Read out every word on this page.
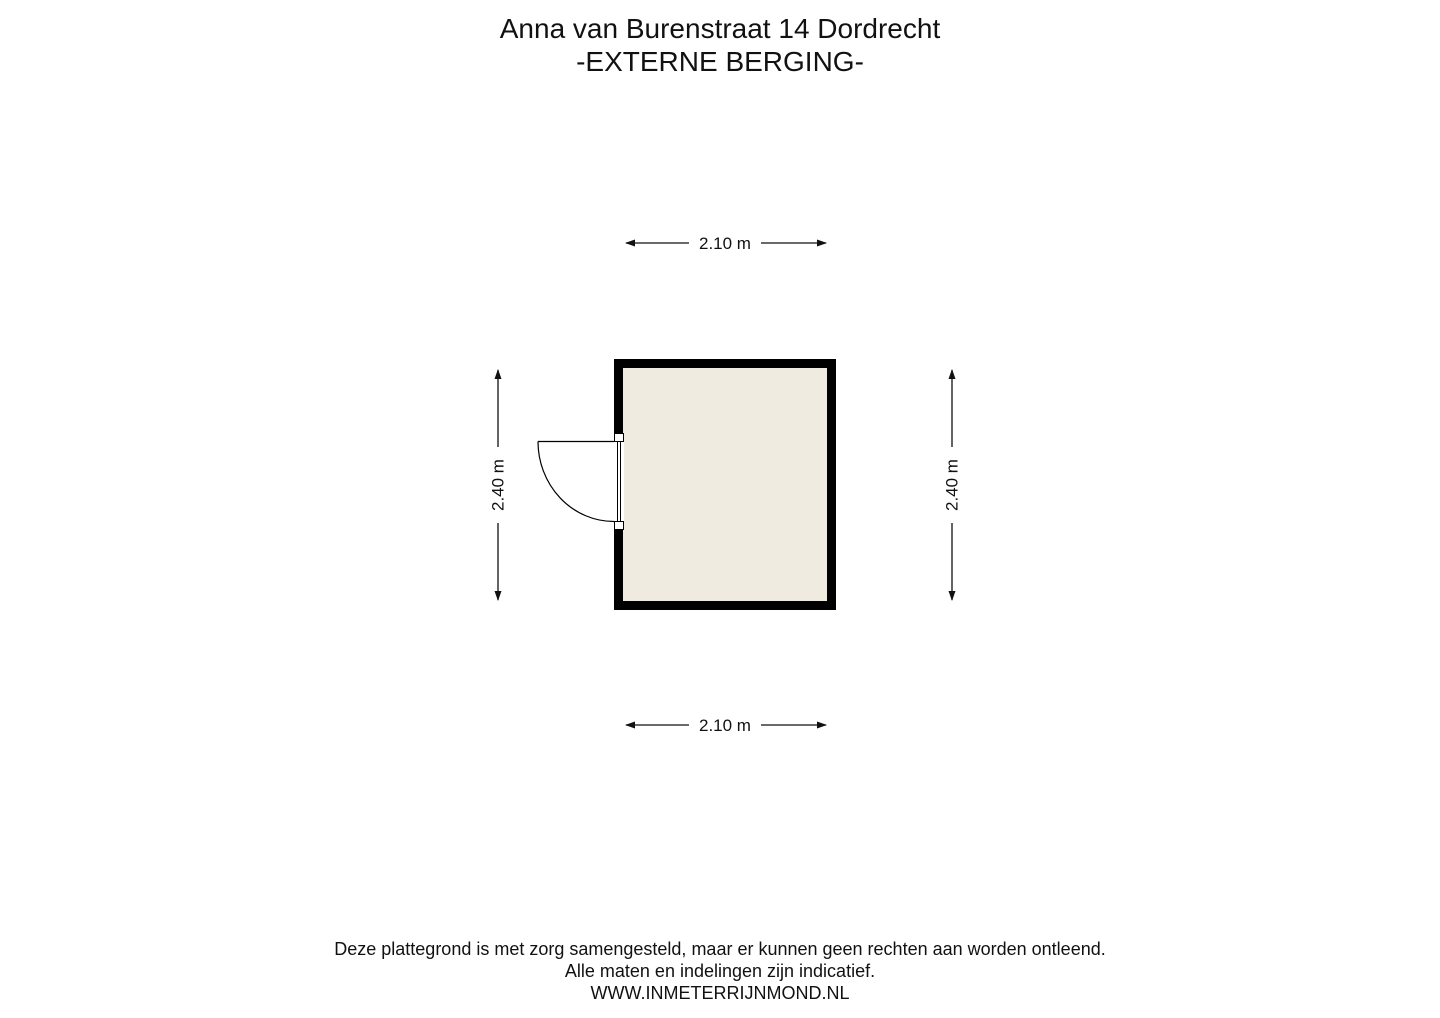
Anna van Burenstraat 14 Dordrecht
-EXTERNE BERGING-
2.10 m
2.10 m
2.40 m	2.40 m
Deze plattegrond is met zorg samengesteld, maar er kunnen geen rechten aan worden ontleend.
Alle maten en indelingen zijn indicatief.
WWW.INMETERRIJNMOND.NL
